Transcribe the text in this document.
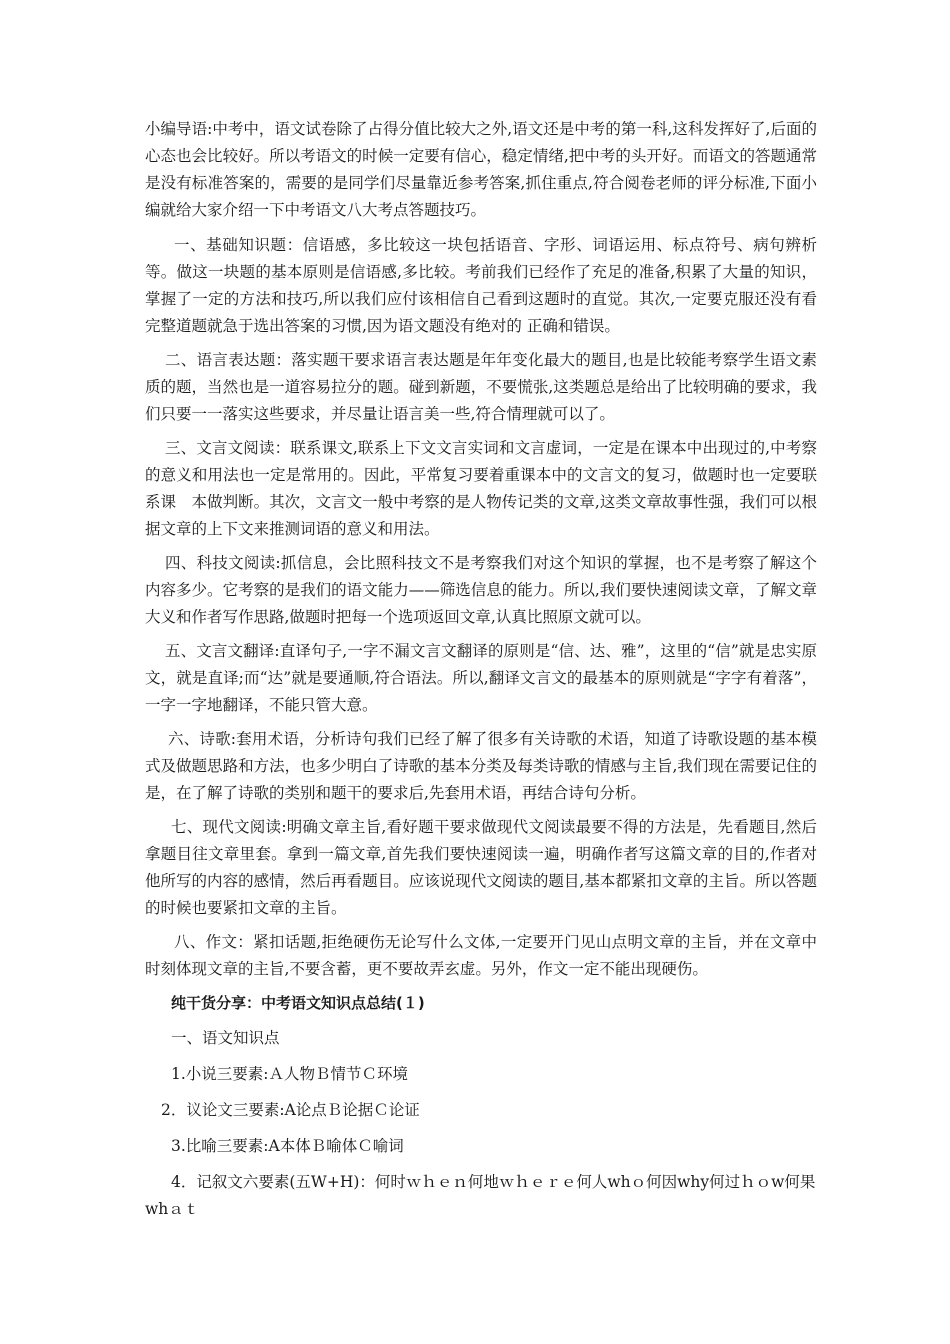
小编导语:中考中，语文试卷除了占得分值比较大之外,语文还是中考的第一科,这科发挥好了,后面的心态也会比较好。所以考语文的时候一定要有信心，稳定情绪,把中考的头开好。而语文的答题通常是没有标准答案的，需要的是同学们尽量靠近参考答案,抓住重点,符合阅卷老师的评分标准,下面小编就给大家介绍一下中考语文八大考点答题技巧。

一、基础知识题：信语感，多比较这一块包括语音、字形、词语运用、标点符号、病句辨析等。做这一块题的基本原则是信语感,多比较。考前我们已经作了充足的准备,积累了大量的知识，掌握了一定的方法和技巧,所以我们应付该相信自己看到这题时的直觉。其次,一定要克服还没有看完整道题就急于选出答案的习惯,因为语文题没有绝对的 正确和错误。

二、语言表达题：落实题干要求语言表达题是年年变化最大的题目,也是比较能考察学生语文素质的题，当然也是一道容易拉分的题。碰到新题，不要慌张,这类题总是给出了比较明确的要求，我们只要一一落实这些要求，并尽量让语言美一些,符合情理就可以了。

三、文言文阅读：联系课文,联系上下文文言实词和文言虚词，一定是在课本中出现过的,中考察的意义和用法也一定是常用的。因此，平常复习要着重课本中的文言文的复习，做题时也一定要联系课　本做判断。其次，文言文一般中考察的是人物传记类的文章,这类文章故事性强，我们可以根据文章的上下文来推测词语的意义和用法。

四、科技文阅读:抓信息，会比照科技文不是考察我们对这个知识的掌握，也不是考察了解这个内容多少。它考察的是我们的语文能力——筛选信息的能力。所以,我们要快速阅读文章，了解文章大义和作者写作思路,做题时把每一个选项返回文章,认真比照原文就可以。

五、文言文翻译:直译句子,一字不漏文言文翻译的原则是“信、达、雅”，这里的“信”就是忠实原文，就是直译;而“达”就是要通顺,符合语法。所以,翻译文言文的最基本的原则就是“字字有着落”，一字一字地翻译，不能只管大意。

六、诗歌:套用术语，分析诗句我们已经了解了很多有关诗歌的术语，知道了诗歌设题的基本模式及做题思路和方法，也多少明白了诗歌的基本分类及每类诗歌的情感与主旨,我们现在需要记住的是，在了解了诗歌的类别和题干的要求后,先套用术语，再结合诗句分析。

七、现代文阅读:明确文章主旨,看好题干要求做现代文阅读最要不得的方法是，先看题目,然后拿题目往文章里套。拿到一篇文章,首先我们要快速阅读一遍，明确作者写这篇文章的目的,作者对他所写的内容的感情，然后再看题目。应该说现代文阅读的题目,基本都紧扣文章的主旨。所以答题的时候也要紧扣文章的主旨。

八、作文：紧扣话题,拒绝硬伤无论写什么文体,一定要开门见山点明文章的主旨，并在文章中时刻体现文章的主旨,不要含蓄，更不要故弄玄虚。另外，作文一定不能出现硬伤。

纯干货分享：中考语文知识点总结(１)
一、语文知识点
1.小说三要素:Ａ人物Ｂ情节Ｃ环境
2．议论文三要素:A论点Ｂ论据Ｃ论证
3.比喻三要素:A本体Ｂ喻体Ｃ喻词
4．记叙文六要素(五W+H)：何时ｗｈｅｎ何地ｗｈｅｒｅ何人whｏ何因why何过ｈｏw何果whａｔ
